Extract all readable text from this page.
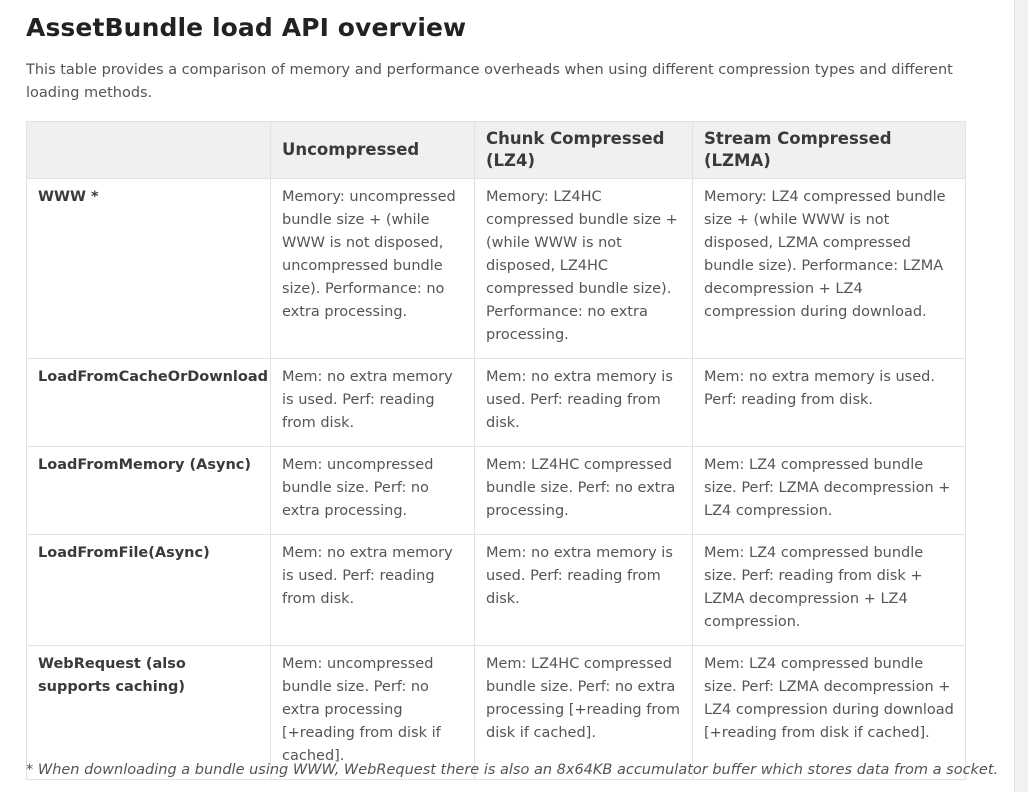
AssetBundle load API overview

This table provides a comparison of memory and performance overheads when using different compression types and different loading methods.

	Uncompressed	Chunk Compressed (LZ4)	Stream Compressed (LZMA)
WWW *	Memory: uncompressed bundle size + (while WWW is not disposed, uncompressed bundle size). Performance: no extra processing.	Memory: LZ4HC compressed bundle size + (while WWW is not disposed, LZ4HC compressed bundle size). Performance: no extra processing.	Memory: LZ4 compressed bundle size + (while WWW is not disposed, LZMA compressed bundle size). Performance: LZMA decompression + LZ4 compression during download.
LoadFromCacheOrDownload	Mem: no extra memory is used. Perf: reading from disk.	Mem: no extra memory is used. Perf: reading from disk.	Mem: no extra memory is used. Perf: reading from disk.
LoadFromMemory (Async)	Mem: uncompressed bundle size. Perf: no extra processing.	Mem: LZ4HC compressed bundle size. Perf: no extra processing.	Mem: LZ4 compressed bundle size. Perf: LZMA decompression + LZ4 compression.
LoadFromFile(Async)	Mem: no extra memory is used. Perf: reading from disk.	Mem: no extra memory is used. Perf: reading from disk.	Mem: LZ4 compressed bundle size. Perf: reading from disk + LZMA decompression + LZ4 compression.
WebRequest (also supports caching)	Mem: uncompressed bundle size. Perf: no extra processing [+reading from disk if cached].	Mem: LZ4HC compressed bundle size. Perf: no extra processing [+reading from disk if cached].	Mem: LZ4 compressed bundle size. Perf: LZMA decompression + LZ4 compression during download [+reading from disk if cached].

* When downloading a bundle using WWW, WebRequest there is also an 8x64KB accumulator buffer which stores data from a socket.
